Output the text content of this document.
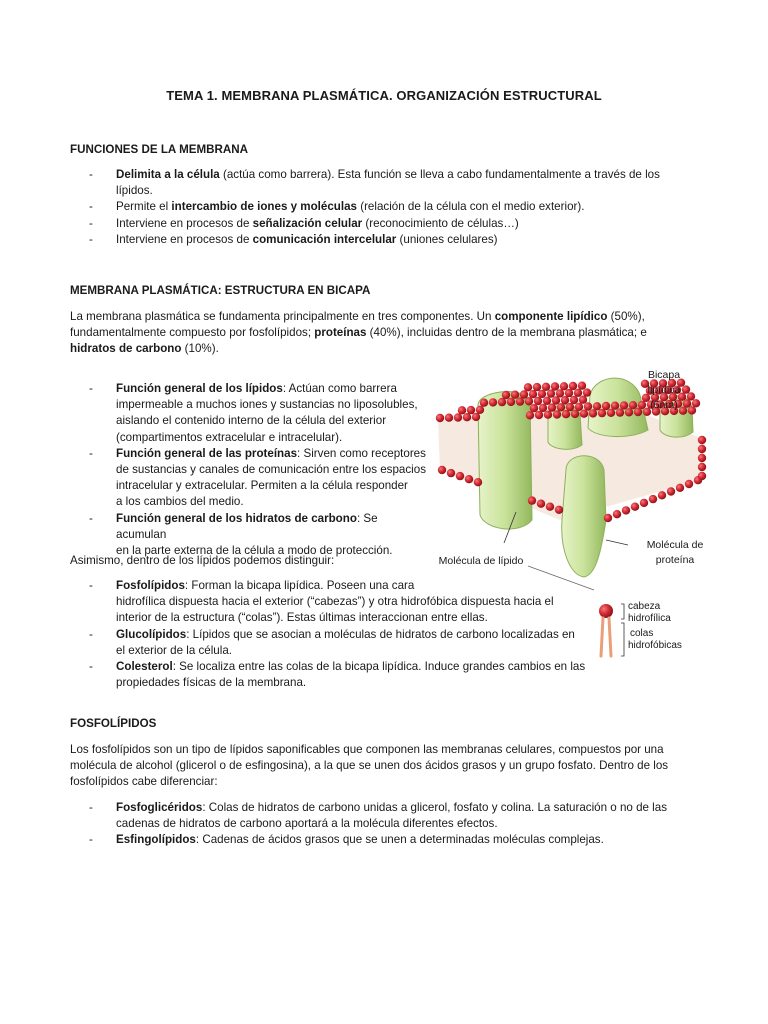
TEMA 1. MEMBRANA PLASMÁTICA. ORGANIZACIÓN ESTRUCTURAL
FUNCIONES DE LA MEMBRANA
- Delimita a la célula (actúa como barrera). Esta función se lleva a cabo fundamentalmente a través de los
lípidos.
- Permite el intercambio de iones y moléculas (relación de la célula con el medio exterior).
- Interviene en procesos de señalización celular (reconocimiento de células…)
- Interviene en procesos de comunicación intercelular (uniones celulares)
MEMBRANA PLASMÁTICA: ESTRUCTURA EN BICAPA
La membrana plasmática se fundamenta principalmente en tres componentes. Un componente lipídico (50%),
fundamentalmente compuesto por fosfolípidos; proteínas (40%), incluidas dentro de la membrana plasmática; e
hidratos de carbono (10%).
- Función general de los lípidos: Actúan como barrera
impermeable a muchos iones y sustancias no liposolubles,
aislando el contenido interno de la célula del exterior
(compartimentos extracelular e intracelular).
- Función general de las proteínas: Sirven como receptores
de sustancias y canales de comunicación entre los espacios
intracelular y extracelular. Permiten a la célula responder
a los cambios del medio.
- Función general de los hidratos de carbono: Se acumulan
en la parte externa de la célula a modo de protección.
Asimismo, dentro de los lípidos podemos distinguir:
- Fosfolípidos: Forman la bicapa lipídica. Poseen una cara
hidrofílica dispuesta hacia el exterior (“cabezas”) y otra hidrofóbica dispuesta hacia el
interior de la estructura (“colas”). Estas últimas interaccionan entre ellas.
- Glucolípidos: Lípidos que se asocian a moléculas de hidratos de carbono localizadas en
el exterior de la célula.
- Colesterol: Se localiza entre las colas de la bicapa lipídica. Induce grandes cambios en las
propiedades físicas de la membrana.
FOSFOLÍPIDOS
Los fosfolípidos son un tipo de lípidos saponificables que componen las membranas celulares, compuestos por una
molécula de alcohol (glicerol o de esfingosina), a la que se unen dos ácidos grasos y un grupo fosfato. Dentro de los
fosfolípidos cabe diferenciar:
- Fosfoglicéridos: Colas de hidratos de carbono unidas a glicerol, fosfato y colina. La saturación o no de las
cadenas de hidratos de carbono aportará a la molécula diferentes efectos.
- Esfingolípidos: Cadenas de ácidos grasos que se unen a determinadas moléculas complejas.
Bicapa
lipídica
(5nm)
Molécula de lípido
Molécula de
proteína
cabeza
hidrofílica
colas
hidrofóbicas
